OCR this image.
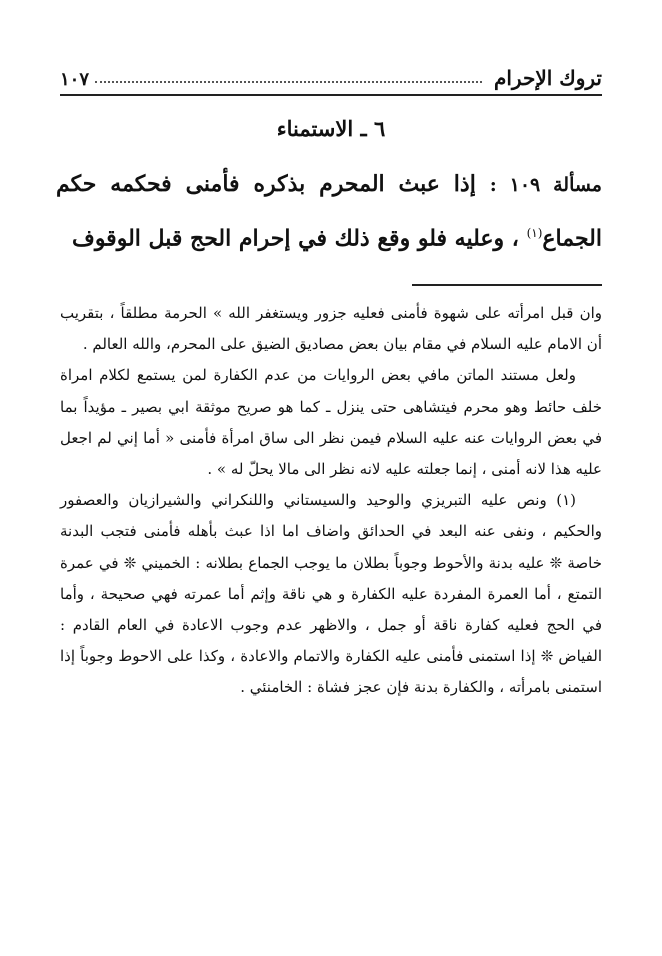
تروك الإحرام
١٠٧
٦ ـ الاستمناء
مسألة ١٠٩ : إذا عبث المحرم بذكره فأمنى فحكمه حكم الجماع$^{(١)}$ ، وعليه فلو وقع ذلك في إحرام الحج قبل الوقوف

وان قبل امرأته على شهوة فأمنى فعليه جزور ويستغفر الله » الحرمة مطلقاً ، بتقريب أن الامام عليه السلام في مقام بيان بعض مصاديق الضيق على المحرم، والله العالم .

ولعل مستند الماتن مافي بعض الروايات من عدم الكفارة لمن يستمع لكلام امراة خلف حائط وهو محرم فيتشاهى حتى ينزل ـ كما هو صريح موثقة ابي بصير ـ مؤيداً بما في بعض الروايات عنه عليه السلام فيمن نظر الى ساق امرأة فأمنى « أما إني لم اجعل عليه هذا لانه أمنى ، إنما جعلته عليه لانه نظر الى مالا يحلّ له » .

(١) ونص عليه التبريزي والوحيد والسيستاني واللنكراني والشيرازيان والعصفور والحكيم ، ونفى عنه البعد في الحدائق واضاف اما اذا عبث بأهله فأمنى فتجب البدنة خاصة ❊ عليه بدنة والأحوط وجوباً بطلان ما يوجب الجماع بطلانه : الخميني ❊ في عمرة التمتع ، أما العمرة المفردة عليه الكفارة و هي ناقة وإثم أما عمرته فهي صحيحة ، وأما في الحج فعليه كفارة ناقة أو جمل ، والاظهر عدم وجوب الاعادة في العام القادم : الفياض ❊ إذا استمنى فأمنى عليه الكفارة والاتمام والاعادة ، وكذا على الاحوط وجوباً إذا استمنى بامرأته ، والكفارة بدنة فإن عجز فشاة : الخامنئي .
